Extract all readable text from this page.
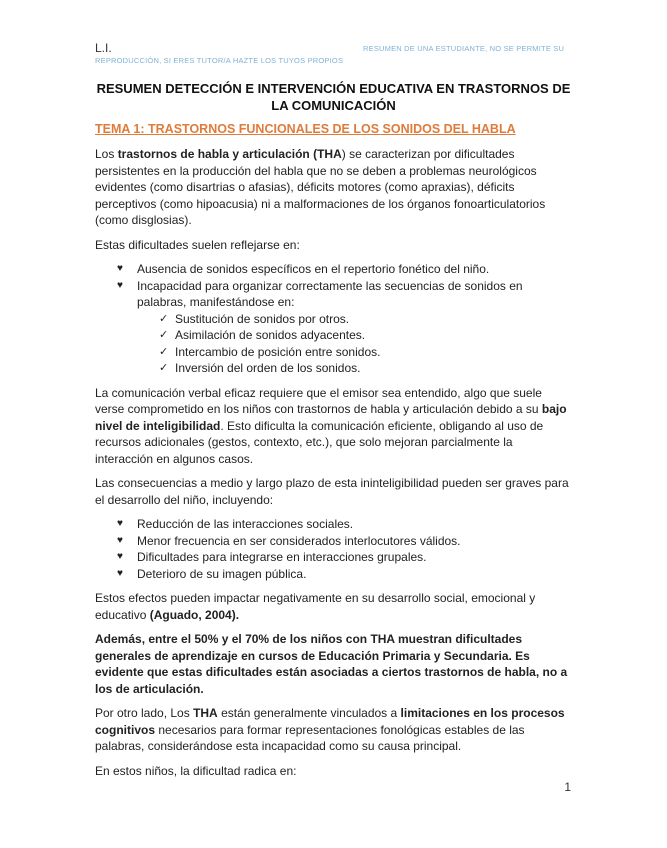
L.I.	RESUMEN DE UNA ESTUDIANTE, NO SE PERMITE SU
REPRODUCCIÓN, SI ERES TUTOR/A HAZTE LOS TUYOS PROPIOS
RESUMEN DETECCIÓN E INTERVENCIÓN EDUCATIVA EN TRASTORNOS DE LA COMUNICACIÓN
TEMA 1: TRASTORNOS FUNCIONALES DE LOS SONIDOS DEL HABLA

Los trastornos de habla y articulación (THA) se caracterizan por dificultades persistentes en la producción del habla que no se deben a problemas neurológicos evidentes (como disartrias o afasias), déficits motores (como apraxias), déficits perceptivos (como hipoacusia) ni a malformaciones de los órganos fonoarticulatorios (como disglosias).

Estas dificultades suelen reflejarse en:

♥ Ausencia de sonidos específicos en el repertorio fonético del niño.
♥ Incapacidad para organizar correctamente las secuencias de sonidos en palabras, manifestándose en:
✓ Sustitución de sonidos por otros.
✓ Asimilación de sonidos adyacentes.
✓ Intercambio de posición entre sonidos.
✓ Inversión del orden de los sonidos.

La comunicación verbal eficaz requiere que el emisor sea entendido, algo que suele verse comprometido en los niños con trastornos de habla y articulación debido a su bajo nivel de inteligibilidad. Esto dificulta la comunicación eficiente, obligando al uso de recursos adicionales (gestos, contexto, etc.), que solo mejoran parcialmente la interacción en algunos casos.

Las consecuencias a medio y largo plazo de esta ininteligibilidad pueden ser graves para el desarrollo del niño, incluyendo:

♥ Reducción de las interacciones sociales.
♥ Menor frecuencia en ser considerados interlocutores válidos.
♥ Dificultades para integrarse en interacciones grupales.
♥ Deterioro de su imagen pública.

Estos efectos pueden impactar negativamente en su desarrollo social, emocional y educativo (Aguado, 2004).

Además, entre el 50% y el 70% de los niños con THA muestran dificultades generales de aprendizaje en cursos de Educación Primaria y Secundaria. Es evidente que estas dificultades están asociadas a ciertos trastornos de habla, no a los de articulación.

Por otro lado, Los THA están generalmente vinculados a limitaciones en los procesos cognitivos necesarios para formar representaciones fonológicas estables de las palabras, considerándose esta incapacidad como su causa principal.

En estos niños, la dificultad radica en:

1
